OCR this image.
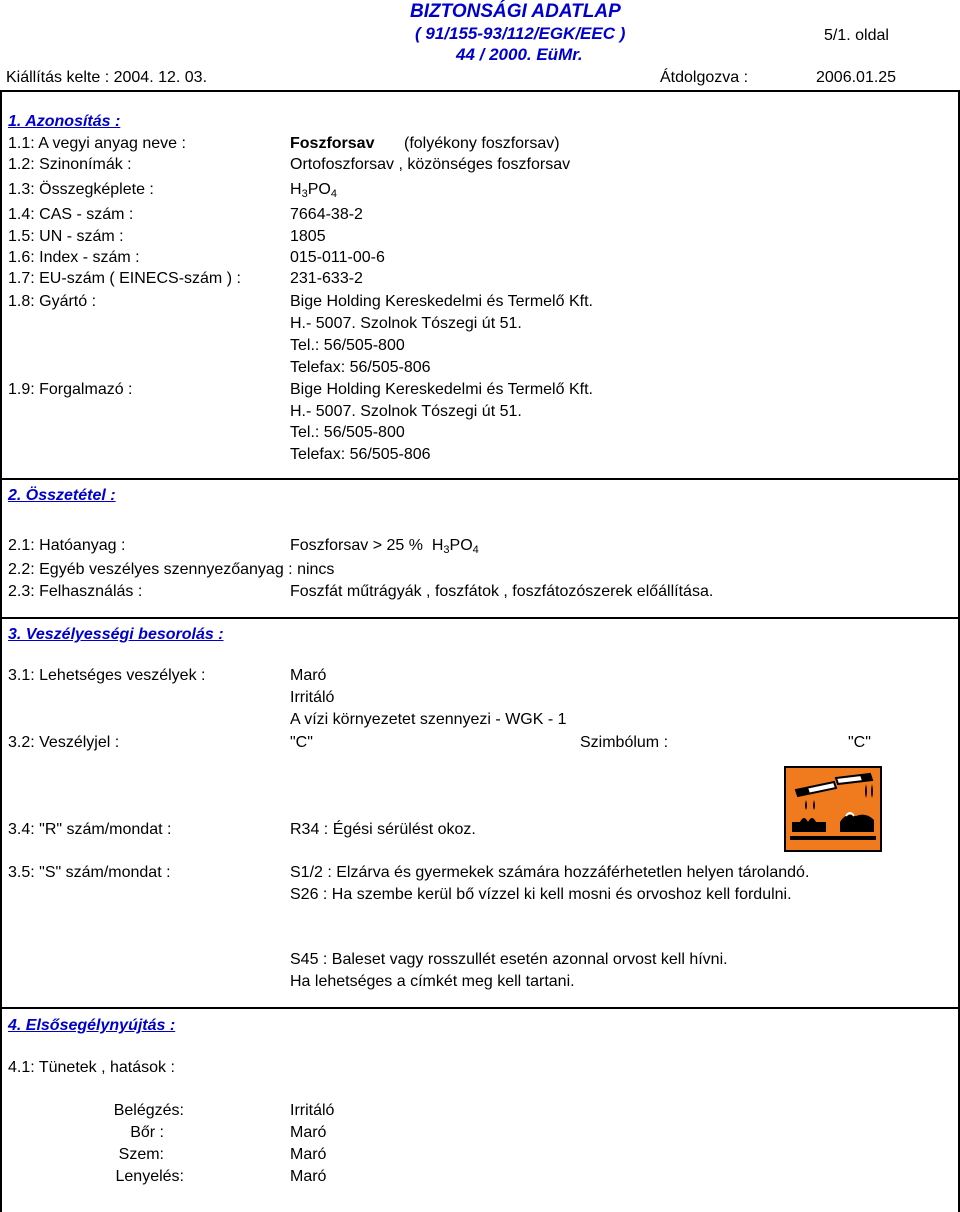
BIZTONSÁGI ADATLAP
( 91/155-93/112/EGK/EEC )
44 / 2000. EüMr.
5/1. oldal
Kiállítás kelte : 2004. 12. 03.	Átdolgozva :	2006.01.25
1. Azonosítás :
1.1: A vegyi anyag neve :	Foszforsav (folyékony foszforsav)
1.2: Szinonímák :	Ortofoszforsav , közönséges foszforsav
1.3: Összegképlete :	$H_3PO_4$
1.4: CAS - szám :	7664-38-2
1.5: UN - szám :	1805
1.6: Index - szám :	015-011-00-6
1.7: EU-szám ( EINECS-szám ) :	231-633-2
1.8: Gyártó :	Bige Holding Kereskedelmi és Termelő Kft.
H.- 5007. Szolnok Tószegi út 51.
Tel.: 56/505-800
Telefax: 56/505-806
1.9: Forgalmazó :	Bige Holding Kereskedelmi és Termelő Kft.
H.- 5007. Szolnok Tószegi út 51.
Tel.: 56/505-800
Telefax: 56/505-806
2. Összetétel :
2.1: Hatóanyag :	Foszforsav > 25 % $H_3PO_4$
2.2: Egyéb veszélyes szennyezőanyag : nincs
2.3: Felhasználás :	Foszfát műtrágyák , foszfátok , foszfátozószerek előállítása.
3. Veszélyességi besorolás :
3.1: Lehetséges veszélyek :	Maró
Irritáló
A vízi környezetet szennyezi - WGK - 1
3.2: Veszélyjel :	"C"	Szimbólum :	"C"
3.4: "R" szám/mondat :	R34 : Égési sérülést okoz.
3.5: "S" szám/mondat :	S1/2 : Elzárva és gyermekek számára hozzáférhetetlen helyen tárolandó.
S26 : Ha szembe kerül bő vízzel ki kell mosni és orvoshoz kell fordulni.
S45 : Baleset vagy rosszullét esetén azonnal orvost kell hívni.
Ha lehetséges a címkét meg kell tartani.
4. Elsősegélynyújtás :
4.1: Tünetek , hatások :
Belégzés:	Irritáló
Bőr :	Maró
Szem:	Maró
Lenyelés:	Maró
